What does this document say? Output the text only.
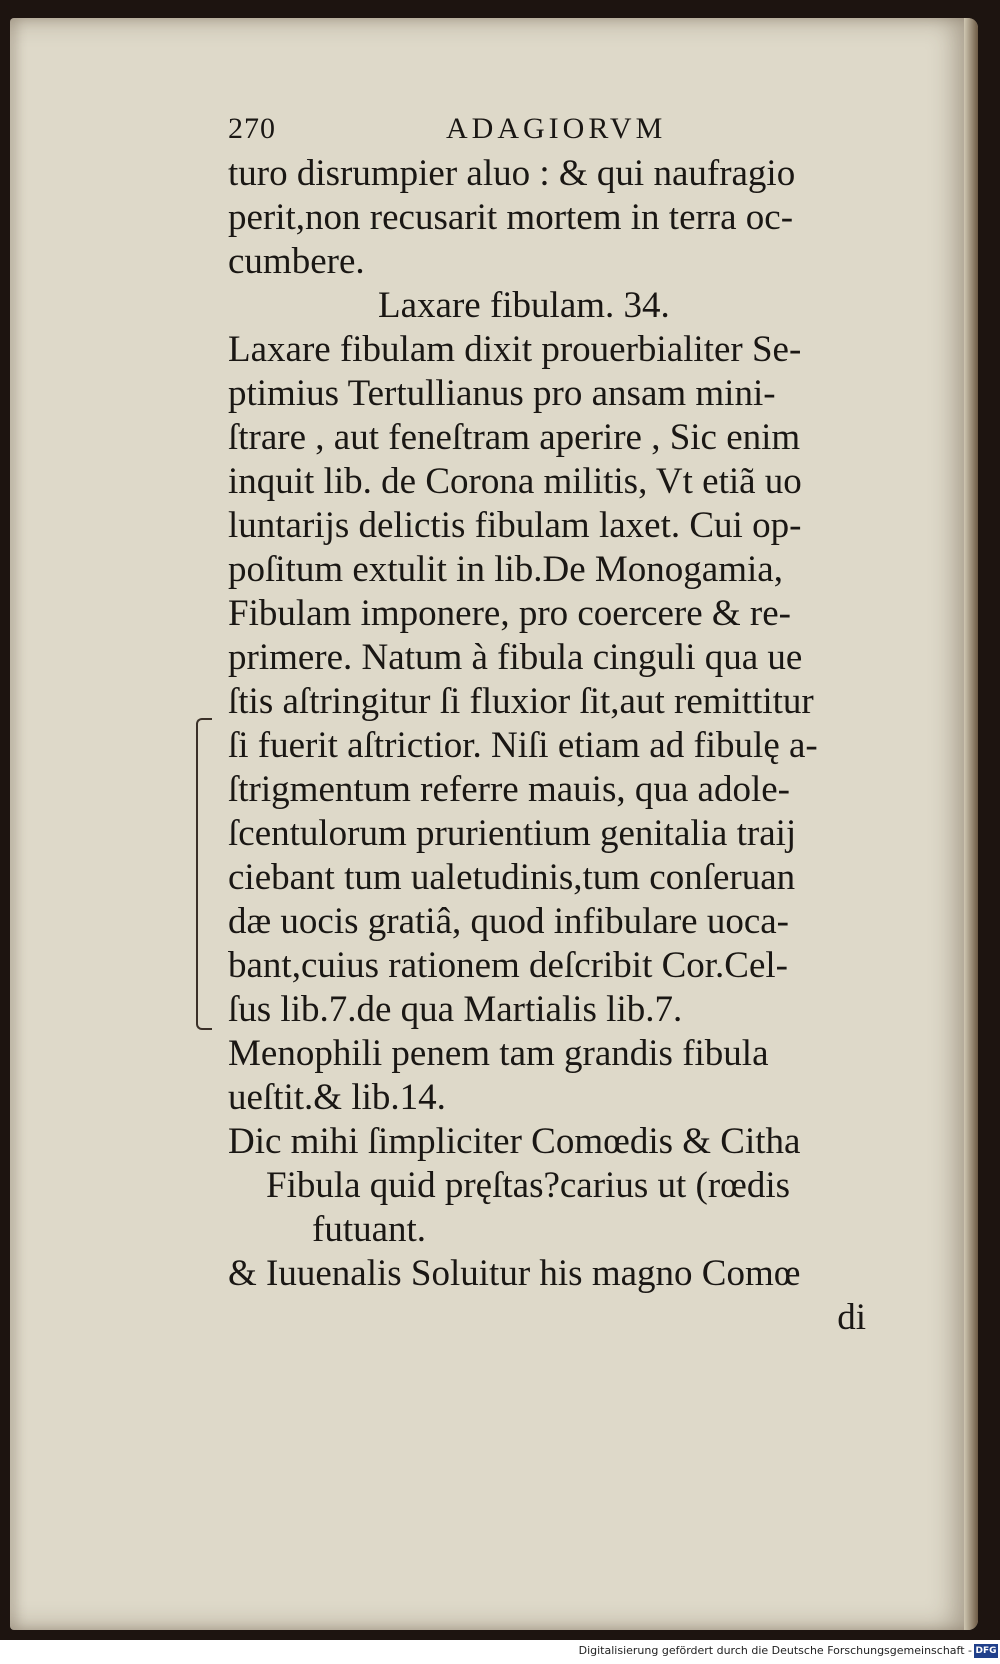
270	ADAGIORVM
turo disrumpier aluo : & qui naufragio
perit,non recusarit mortem in terra oc-
cumbere.
Laxare fibulam. 34.
Laxare fibulam dixit prouerbialiter Se-
ptimius Tertullianus pro ansam mini-
ſtrare , aut feneſtram aperire , Sic enim
inquit lib. de Corona militis, Vt etiã uo
luntarijs delictis fibulam laxet. Cui op-
poſitum extulit in lib.De Monogamia,
Fibulam imponere, pro coercere & re-
primere. Natum à fibula cinguli qua ue
ſtis aſtringitur ſi fluxior ſit,aut remittitur
ſi fuerit aſtrictior. Niſi etiam ad fibulę a-
ſtrigmentum referre mauis, qua adole-
ſcentulorum prurientium genitalia traij
ciebant tum ualetudinis,tum conſeruan
dæ uocis gratiâ, quod infibulare uoca-
bant,cuius rationem deſcribit Cor.Cel-
ſus lib.7.de qua Martialis lib.7.
Menophili penem tam grandis fibula
ueſtit.& lib.14.
Dic mihi ſimpliciter Comœdis & Citha
Fibula quid pręſtas?carius ut (rœdis
futuant.
& Iuuenalis Soluitur his magno Comœ
di
Digitalisierung gefördert durch die Deutsche Forschungsgemeinschaft - DFG
